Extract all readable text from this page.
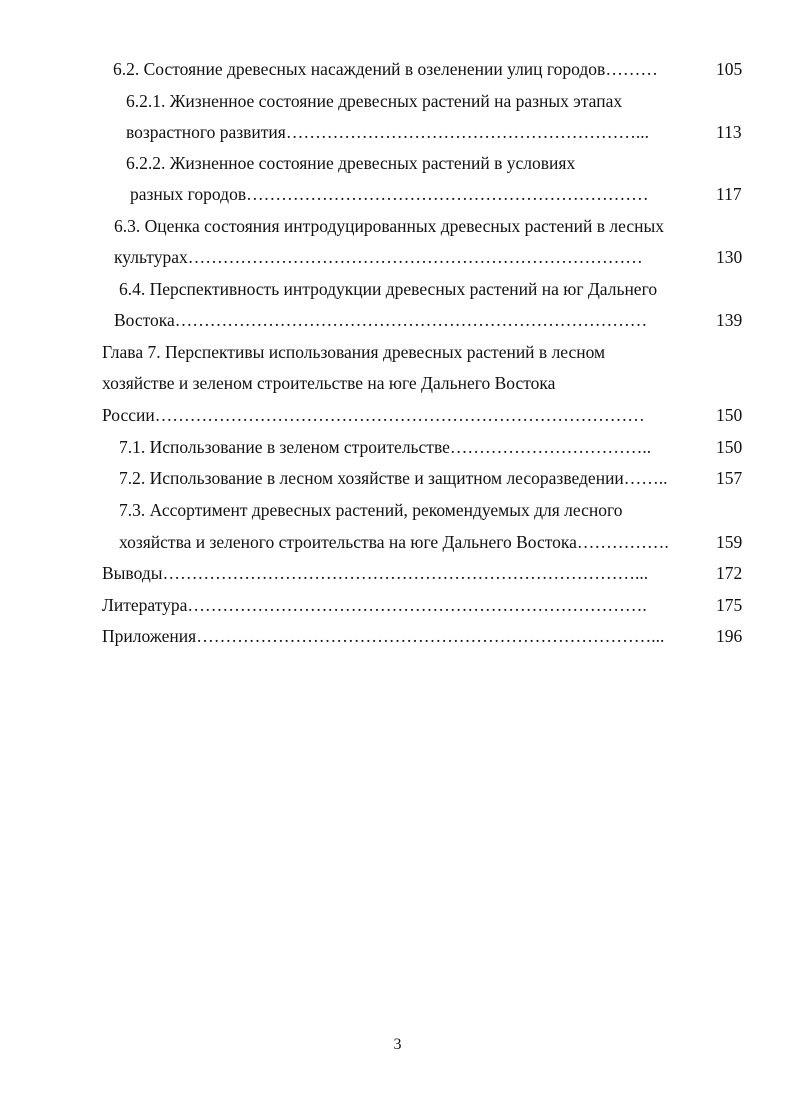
6.2. Состояние древесных насаждений в озеленении улиц городов………	105
6.2.1. Жизненное состояние древесных растений на разных этапах
возрастного развития……………………………………………………...	113
6.2.2. Жизненное состояние древесных растений в условиях
разных городов……………………………………………………………	117
6.3. Оценка состояния интродуцированных древесных растений в лесных
культурах……………………………………………………………………	130
6.4. Перспективность интродукции древесных растений на юг Дальнего
Востока………………………………………………………………………	139
Глава 7. Перспективы использования древесных растений в лесном
хозяйстве и зеленом строительстве на юге Дальнего Востока
России…………………………………………………………………………	150
7.1. Использование в зеленом строительстве……………………………..	150
7.2. Использование в лесном хозяйстве и защитном лесоразведении……..	157
7.3. Ассортимент древесных растений, рекомендуемых для лесного
хозяйства и зеленого строительства на юге Дальнего Востока…………….	159
Выводы………………………………………………………………………...	172
Литература…………………………………………………………………….	175
Приложения……………………………………………………………………...	196
3
